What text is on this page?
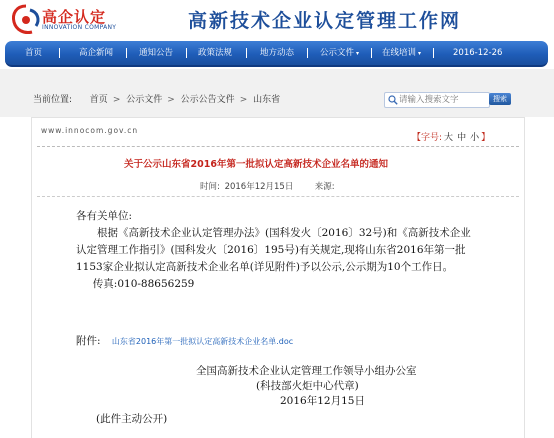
高企认定
INNOVATION COMPANY	高新技术企业认定管理工作网
首页	高企新闻	通知公告	政策法规	地方动态	公示文件 ▾	在线培训 ▾	2016-12-26
当前位置: 首页 > 公示文件 > 公示公告文件 > 山东省
请输入搜索文字	搜索
www.innocom.gov.cn
【字号: 大 中 小 】
关于公示山东省2016年第一批拟认定高新技术企业名单的通知
时间: 2016年12月15日	来源:

各有关单位:

根据《高新技术企业认定管理办法》(国科发火〔2016〕32号)和《高新技术企业认定管理工作指引》(国科发火〔2016〕195号)有关规定,现将山东省2016年第一批1153家企业拟认定高新技术企业名单(详见附件)予以公示,公示期为10个工作日。

传真:010-88656259

附件: 山东省2016年第一批拟认定高新技术企业名单.doc
全国高新技术企业认定管理工作领导小组办公室
(科技部火炬中心代章)
2016年12月15日
(此件主动公开)
